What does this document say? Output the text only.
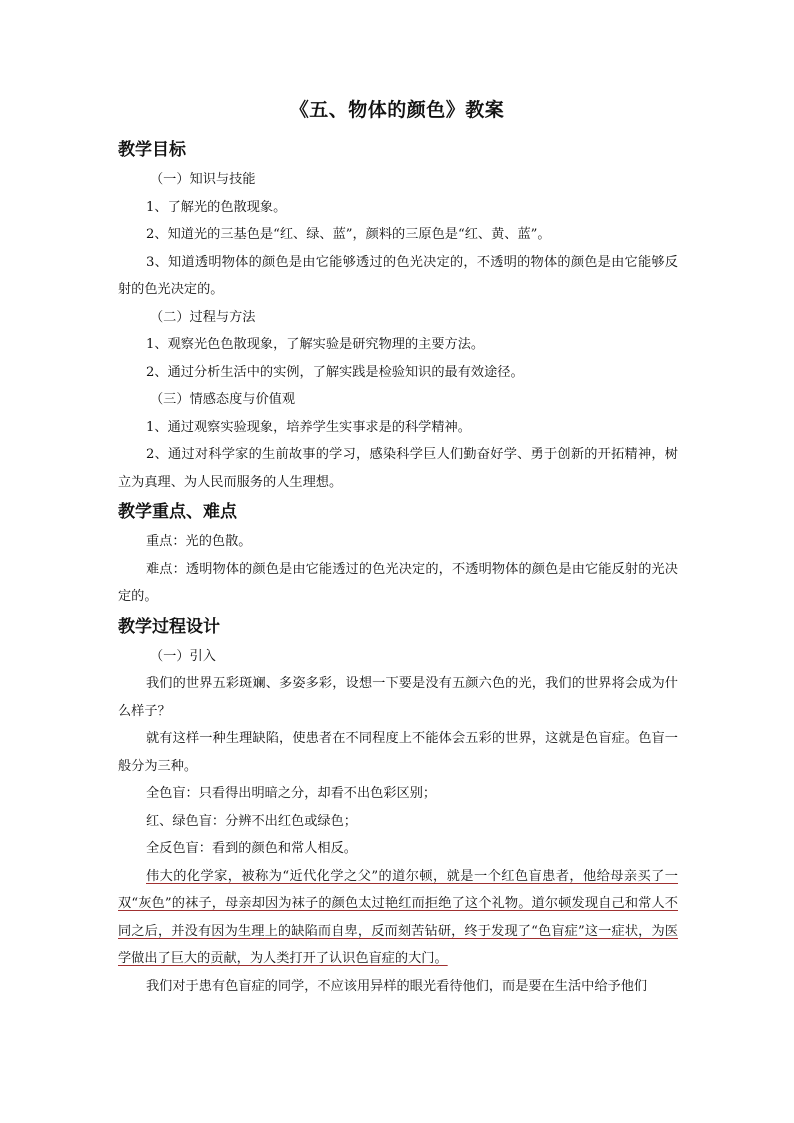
《五、物体的颜色》教案
教学目标
（一）知识与技能
1、了解光的色散现象。
2、知道光的三基色是“红、绿、蓝”，颜料的三原色是“红、黄、蓝”。
3、知道透明物体的颜色是由它能够透过的色光决定的，不透明的物体的颜色是由它能够反射的色光决定的。
（二）过程与方法
1、观察光色色散现象，了解实验是研究物理的主要方法。
2、通过分析生活中的实例，了解实践是检验知识的最有效途径。
（三）情感态度与价值观
1、通过观察实验现象，培养学生实事求是的科学精神。
2、通过对科学家的生前故事的学习，感染科学巨人们勤奋好学、勇于创新的开拓精神，树立为真理、为人民而服务的人生理想。
教学重点、难点
重点：光的色散。
难点：透明物体的颜色是由它能透过的色光决定的，不透明物体的颜色是由它能反射的光决定的。
教学过程设计
（一）引入
我们的世界五彩斑斓、多姿多彩，设想一下要是没有五颜六色的光，我们的世界将会成为什么样子？
就有这样一种生理缺陷，使患者在不同程度上不能体会五彩的世界，这就是色盲症。色盲一般分为三种。
全色盲：只看得出明暗之分，却看不出色彩区别；
红、绿色盲：分辨不出红色或绿色；
全反色盲：看到的颜色和常人相反。
伟大的化学家，被称为“近代化学之父”的道尔顿，就是一个红色盲患者，他给母亲买了一双“灰色”的袜子，母亲却因为袜子的颜色太过艳红而拒绝了这个礼物。道尔顿发现自己和常人不同之后，并没有因为生理上的缺陷而自卑，反而刻苦钻研，终于发现了“色盲症”这一症状，为医学做出了巨大的贡献，为人类打开了认识色盲症的大门。
我们对于患有色盲症的同学，不应该用异样的眼光看待他们，而是要在生活中给予他们
